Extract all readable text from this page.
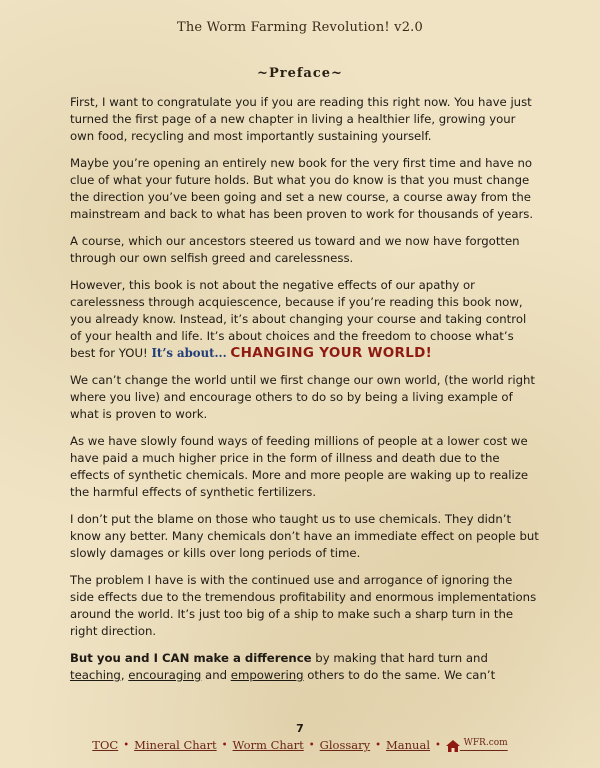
The Worm Farming Revolution! v2.0
~Preface~

First, I want to congratulate you if you are reading this right now. You have just turned the first page of a new chapter in living a healthier life, growing your own food, recycling and most importantly sustaining yourself.

Maybe you’re opening an entirely new book for the very first time and have no clue of what your future holds. But what you do know is that you must change the direction you’ve been going and set a new course, a course away from the mainstream and back to what has been proven to work for thousands of years.

A course, which our ancestors steered us toward and we now have forgotten through our own selfish greed and carelessness.

However, this book is not about the negative effects of our apathy or carelessness through acquiescence, because if you’re reading this book now, you already know. Instead, it’s about changing your course and taking control of your health and life. It’s about choices and the freedom to choose what’s best for YOU! It’s about... CHANGING YOUR WORLD!

We can’t change the world until we first change our own world, (the world right where you live) and encourage others to do so by being a living example of what is proven to work.

As we have slowly found ways of feeding millions of people at a lower cost we have paid a much higher price in the form of illness and death due to the effects of synthetic chemicals. More and more people are waking up to realize the harmful effects of synthetic fertilizers.

I don’t put the blame on those who taught us to use chemicals. They didn’t know any better. Many chemicals don’t have an immediate effect on people but slowly damages or kills over long periods of time.

The problem I have is with the continued use and arrogance of ignoring the side effects due to the tremendous profitability and enormous implementations around the world. It’s just too big of a ship to make such a sharp turn in the right direction.

But you and I CAN make a difference by making that hard turn and teaching, encouraging and empowering others to do the same. We can’t

7
TOC • Mineral Chart • Worm Chart • Glossary • Manual •	$^{WFR.com}$
